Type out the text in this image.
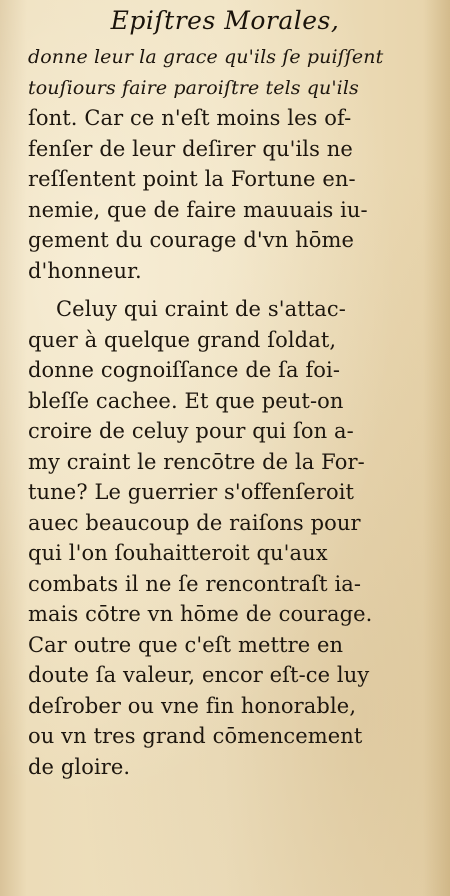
Epiſtres Morales,
donne leur la grace qu'ils ſe puiſſent
touſiours faire paroiſtre tels qu'ils
ſont. Car ce n'eſt moins les of-
fenſer de leur deſirer qu'ils ne
reſſentent point la Fortune en-
nemie, que de faire mauuais iu-
gement du courage d'vn hōme
d'honneur.
Celuy qui craint de s'attac-
quer à quelque grand ſoldat,
donne cognoiſſance de ſa foi-
bleſſe cachee. Et que peut-on
croire de celuy pour qui ſon a-
my craint le rencōtre de la For-
tune? Le guerrier s'offenſeroit
auec beaucoup de raiſons pour
qui l'on ſouhaitteroit qu'aux
combats il ne ſe rencontraſt ia-
mais cōtre vn hōme de courage.
Car outre que c'eſt mettre en
doute ſa valeur, encor eſt-ce luy
deſrober ou vne fin honorable,
ou vn tres grand cōmencement
de gloire.
